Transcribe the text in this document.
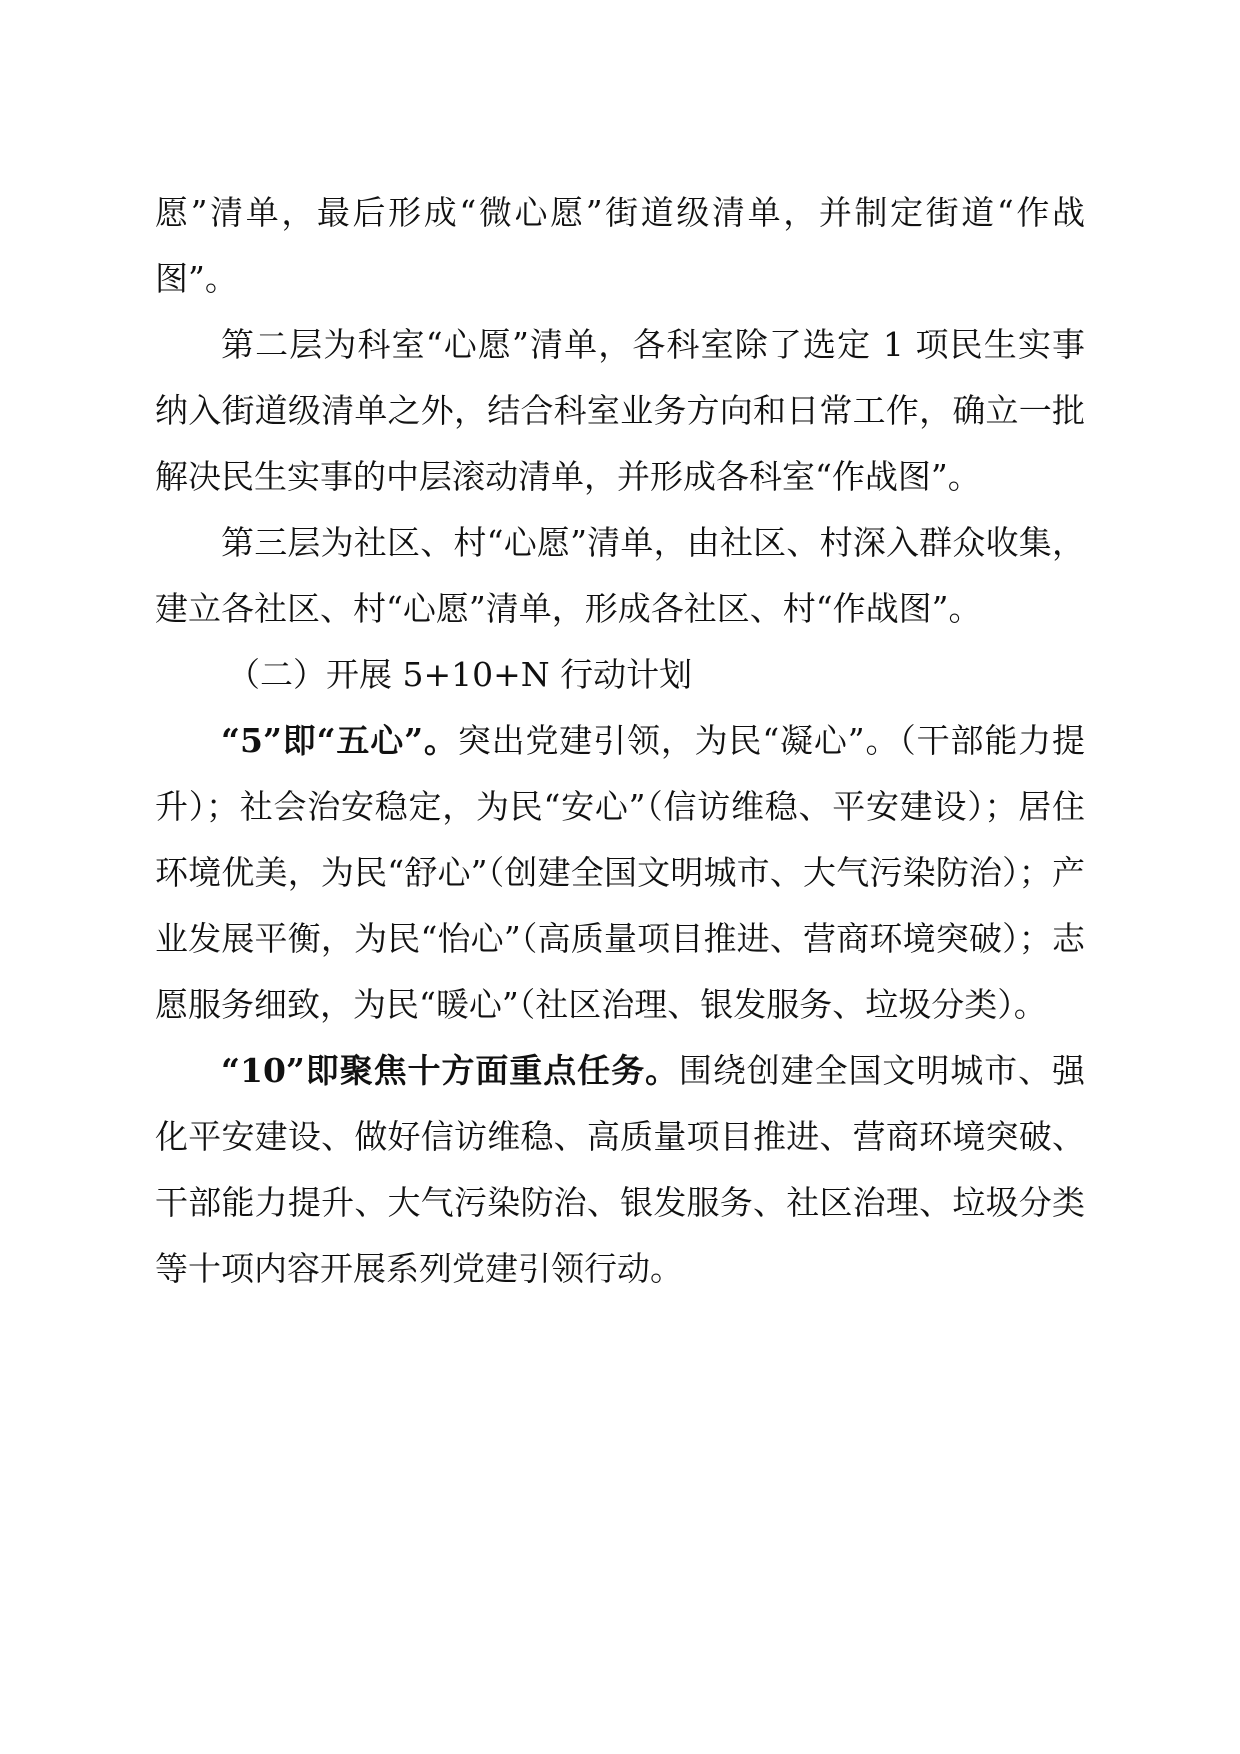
愿”清单，最后形成“微心愿”街道级清单，并制定街道“作战图”。

第二层为科室“心愿”清单，各科室除了选定 1 项民生实事纳入街道级清单之外，结合科室业务方向和日常工作，确立一批解决民生实事的中层滚动清单，并形成各科室“作战图”。

第三层为社区、村“心愿”清单，由社区、村深入群众收集，建立各社区、村“心愿”清单，形成各社区、村“作战图”。

（二）开展 5+10+N 行动计划

“5”即“五心”。突出党建引领，为民“凝心”。（干部能力提升）；社会治安稳定，为民“安心”（信访维稳、平安建设）；居住环境优美，为民“舒心”（创建全国文明城市、大气污染防治）；产业发展平衡，为民“怡心”（高质量项目推进、营商环境突破）；志愿服务细致，为民“暖心”（社区治理、银发服务、垃圾分类）。

“10”即聚焦十方面重点任务。围绕创建全国文明城市、强化平安建设、做好信访维稳、高质量项目推进、营商环境突破、干部能力提升、大气污染防治、银发服务、社区治理、垃圾分类等十项内容开展系列党建引领行动。
